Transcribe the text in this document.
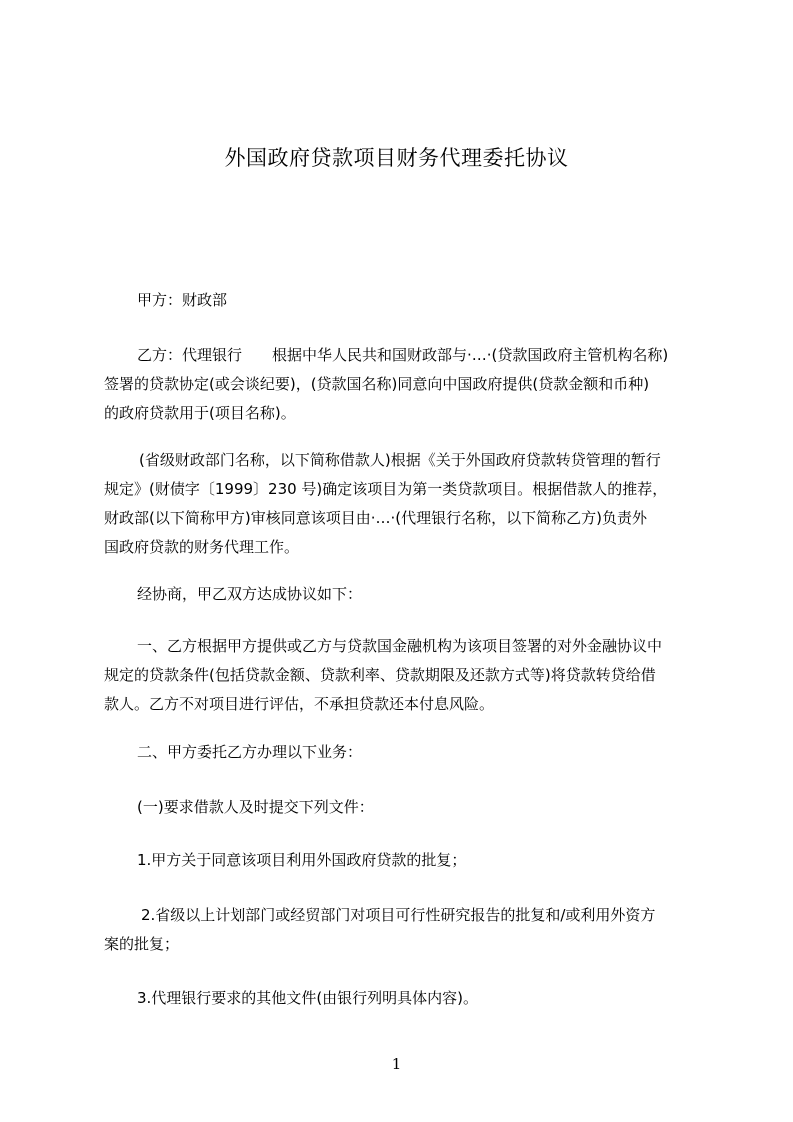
外国政府贷款项目财务代理委托协议
甲方：财政部
乙方：代理银行　　根据中华人民共和国财政部与·…·(贷款国政府主管机构名称)
签署的贷款协定(或会谈纪要)，(贷款国名称)同意向中国政府提供(贷款金额和币种)
的政府贷款用于(项目名称)。
(省级财政部门名称，以下简称借款人)根据《关于外国政府贷款转贷管理的暂行
规定》(财债字〔1999〕230 号)确定该项目为第一类贷款项目。根据借款人的推荐，
财政部(以下简称甲方)审核同意该项目由·…·(代理银行名称，以下简称乙方)负责外
国政府贷款的财务代理工作。
经协商，甲乙双方达成协议如下：
一、乙方根据甲方提供或乙方与贷款国金融机构为该项目签署的对外金融协议中
规定的贷款条件(包括贷款金额、贷款利率、贷款期限及还款方式等)将贷款转贷给借
款人。乙方不对项目进行评估，不承担贷款还本付息风险。
二、甲方委托乙方办理以下业务：
(一)要求借款人及时提交下列文件：
1.甲方关于同意该项目利用外国政府贷款的批复；
2.省级以上计划部门或经贸部门对项目可行性研究报告的批复和/或利用外资方
案的批复；
3.代理银行要求的其他文件(由银行列明具体内容)。
1
